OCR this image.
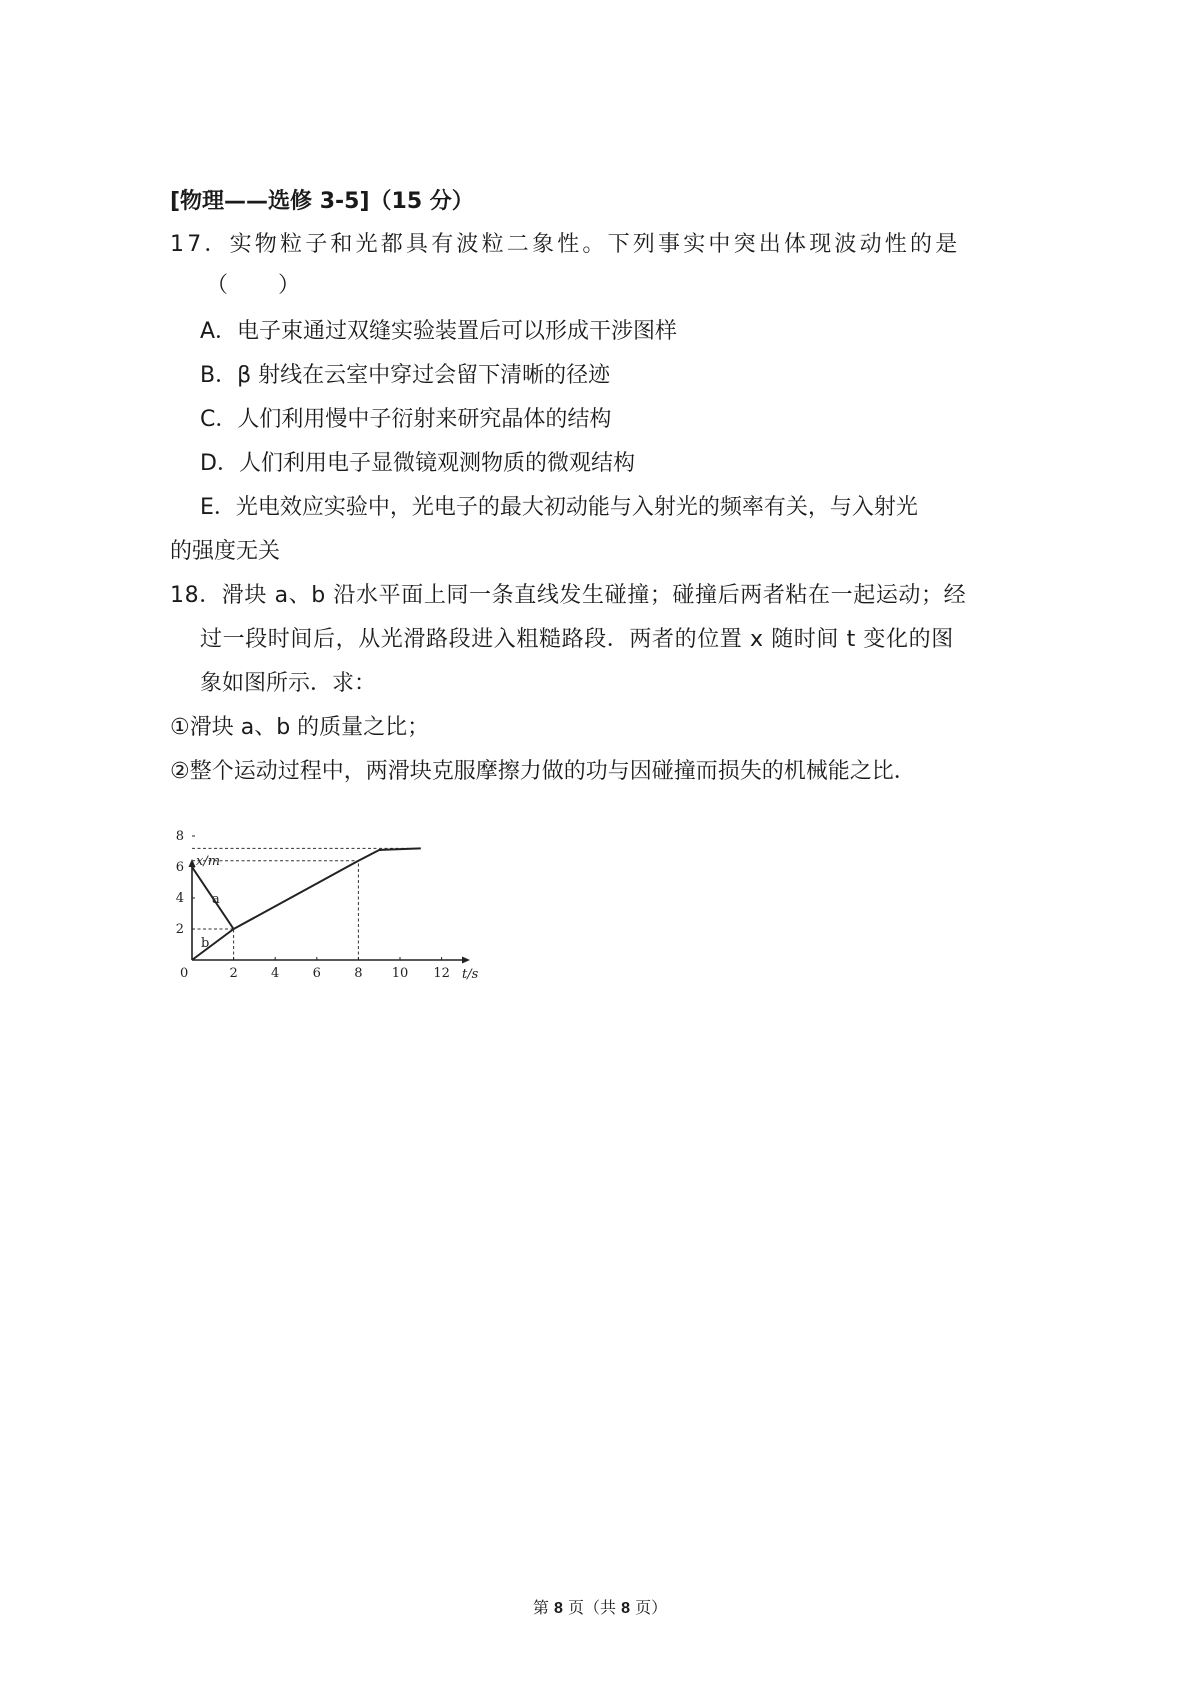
[物理——选修 3-5]（15 分）
17．实物粒子和光都具有波粒二象性。下列事实中突出体现波动性的是
（　　）
A．电子束通过双缝实验装置后可以形成干涉图样
B．β 射线在云室中穿过会留下清晰的径迹
C．人们利用慢中子衍射来研究晶体的结构
D．人们利用电子显微镜观测物质的微观结构
E．光电效应实验中，光电子的最大初动能与入射光的频率有关，与入射光
的强度无关
18．滑块 a、b 沿水平面上同一条直线发生碰撞；碰撞后两者粘在一起运动；经
过一段时间后，从光滑路段进入粗糙路段．两者的位置 x 随时间 t 变化的图
象如图所示．求：
①滑块 a、b 的质量之比；
②整个运动过程中，两滑块克服摩擦力做的功与因碰撞而损失的机械能之比．
0	2	4	6	8 10 12
2
4
6
8
x/m
t/s
a
b
第 8 页（共 8 页）
